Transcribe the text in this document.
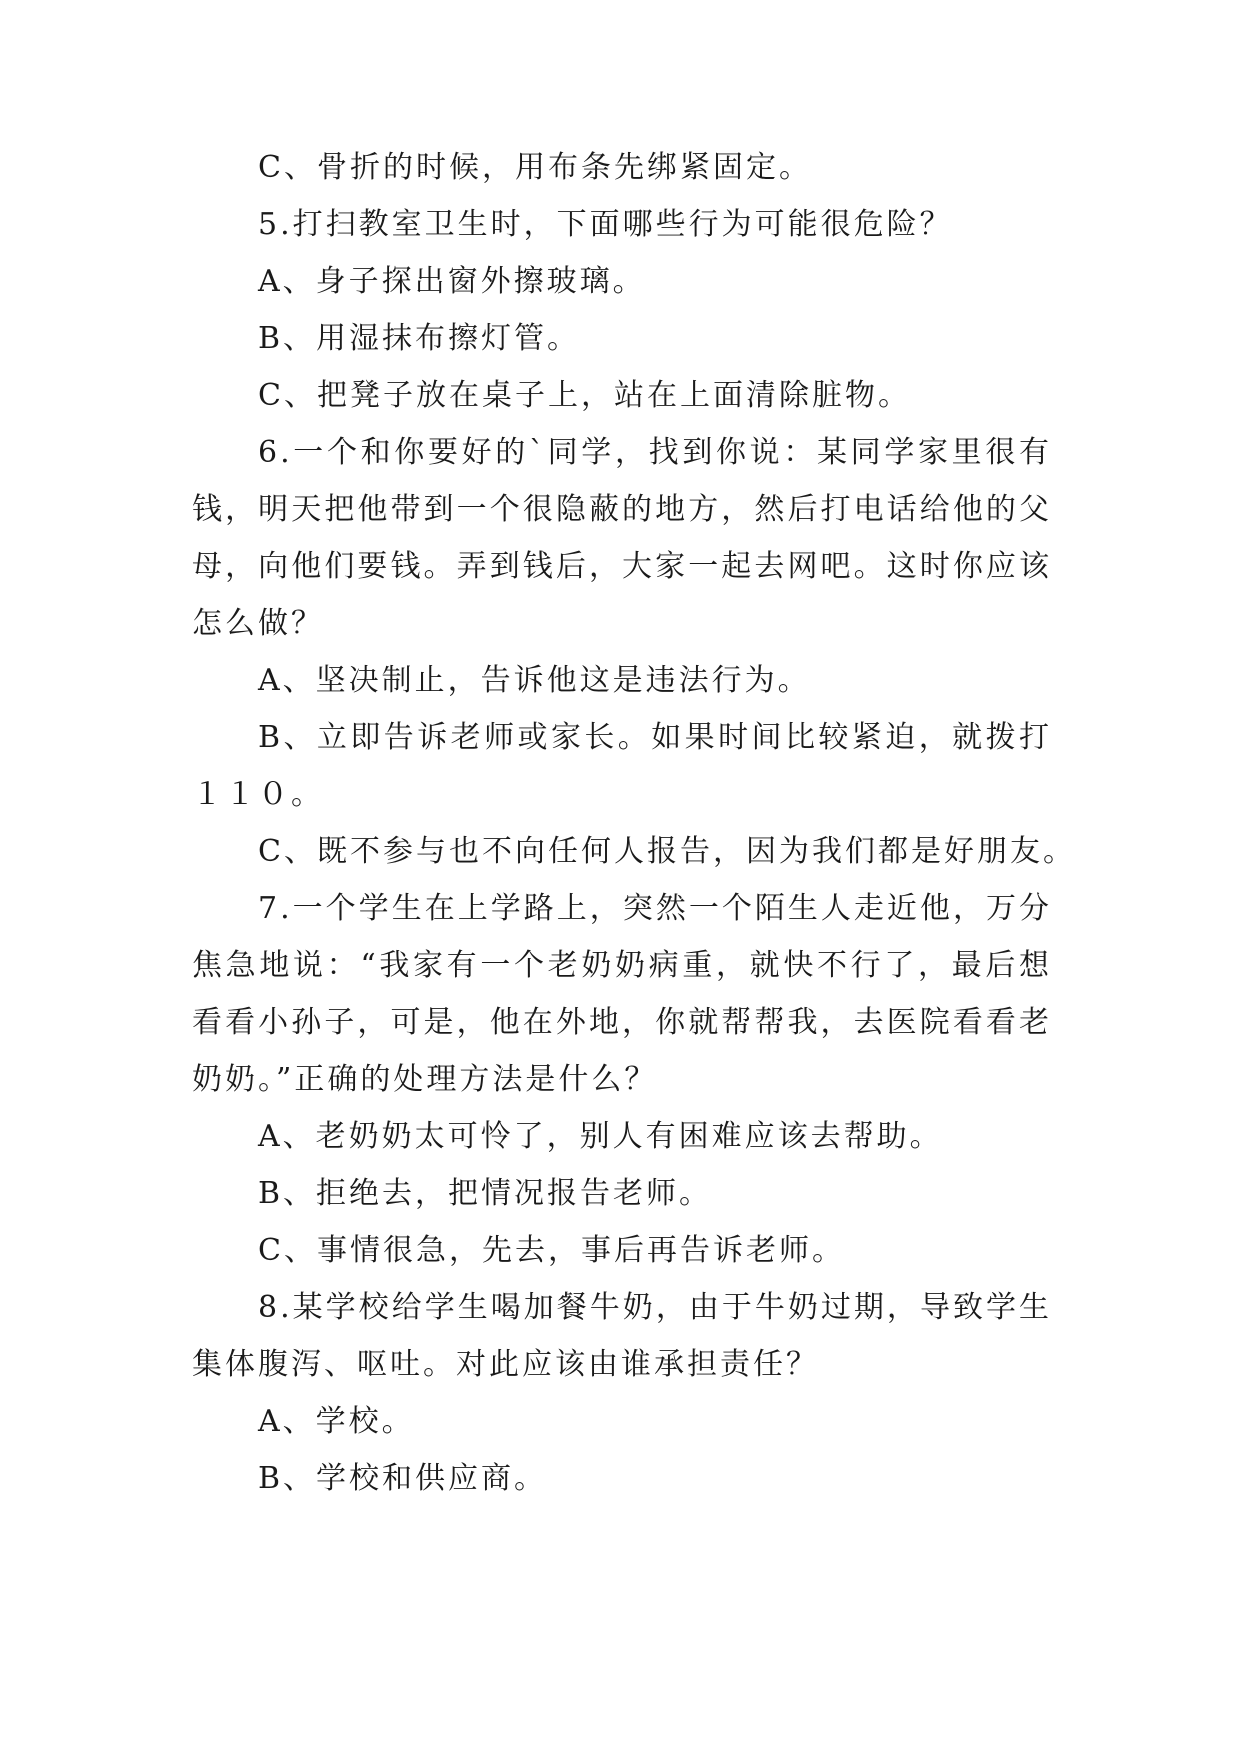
C、骨折的时候，用布条先绑紧固定。
5.打扫教室卫生时，下面哪些行为可能很危险？
A、身子探出窗外擦玻璃。
B、用湿抹布擦灯管。
C、把凳子放在桌子上，站在上面清除脏物。
6.一个和你要好的`同学，找到你说：某同学家里很有
钱，明天把他带到一个很隐蔽的地方，然后打电话给他的父
母，向他们要钱。弄到钱后，大家一起去网吧。这时你应该
怎么做？
A、坚决制止，告诉他这是违法行为。
B、立即告诉老师或家长。如果时间比较紧迫，就拨打
１１０。
C、既不参与也不向任何人报告，因为我们都是好朋友。
7.一个学生在上学路上，突然一个陌生人走近他，万分
焦急地说：“我家有一个老奶奶病重，就快不行了，最后想
看看小孙子，可是，他在外地，你就帮帮我，去医院看看老
奶奶。”正确的处理方法是什么？
A、老奶奶太可怜了，别人有困难应该去帮助。
B、拒绝去，把情况报告老师。
C、事情很急，先去，事后再告诉老师。
8.某学校给学生喝加餐牛奶，由于牛奶过期，导致学生
集体腹泻、呕吐。对此应该由谁承担责任？
A、学校。
B、学校和供应商。
